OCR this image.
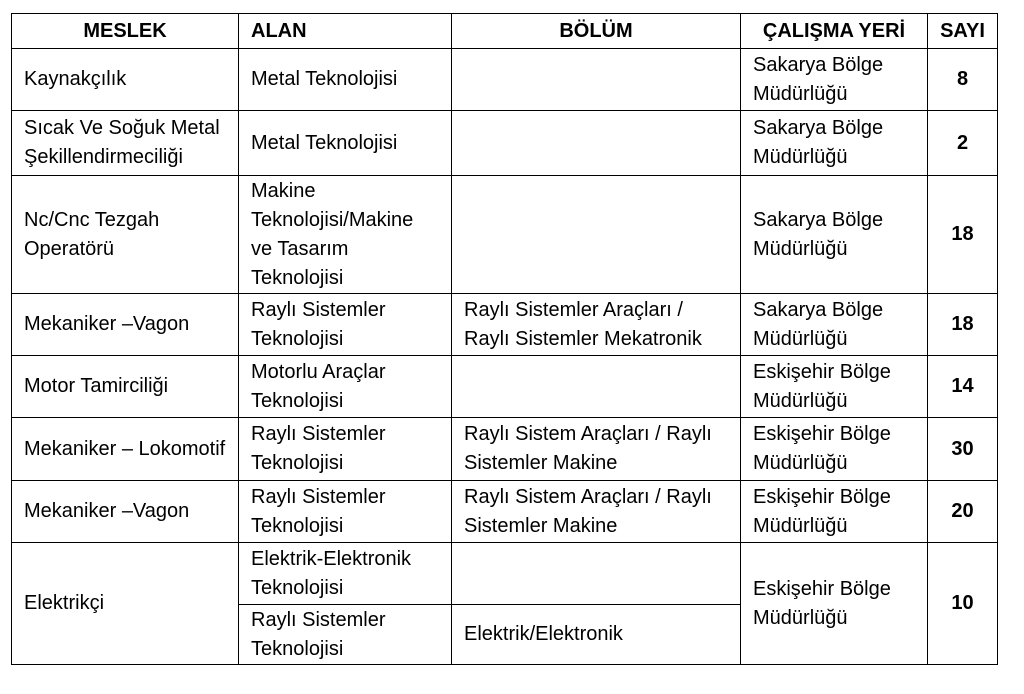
MESLEK	ALAN	BÖLÜM	ÇALIŞMA YERİ	SAYI
Kaynakçılık	Metal Teknolojisi		Sakarya Bölge Müdürlüğü	8
Sıcak Ve Soğuk Metal Şekillendirmeciliği	Metal Teknolojisi		Sakarya Bölge Müdürlüğü	2
Nc/Cnc Tezgah Operatörü	Makine Teknolojisi/Makine ve Tasarım Teknolojisi		Sakarya Bölge Müdürlüğü	18
Mekaniker –Vagon	Raylı Sistemler Teknolojisi	Raylı Sistemler Araçları / Raylı Sistemler Mekatronik	Sakarya Bölge Müdürlüğü	18
Motor Tamirciliği	Motorlu Araçlar Teknolojisi		Eskişehir Bölge Müdürlüğü	14
Mekaniker – Lokomotif	Raylı Sistemler Teknolojisi	Raylı Sistem Araçları / Raylı Sistemler Makine	Eskişehir Bölge Müdürlüğü	30
Mekaniker –Vagon	Raylı Sistemler Teknolojisi	Raylı Sistem Araçları / Raylı Sistemler Makine	Eskişehir Bölge Müdürlüğü	20
Elektrikçi	Elektrik-Elektronik Teknolojisi		Eskişehir Bölge Müdürlüğü	10
	Raylı Sistemler Teknolojisi	Elektrik/Elektronik		
